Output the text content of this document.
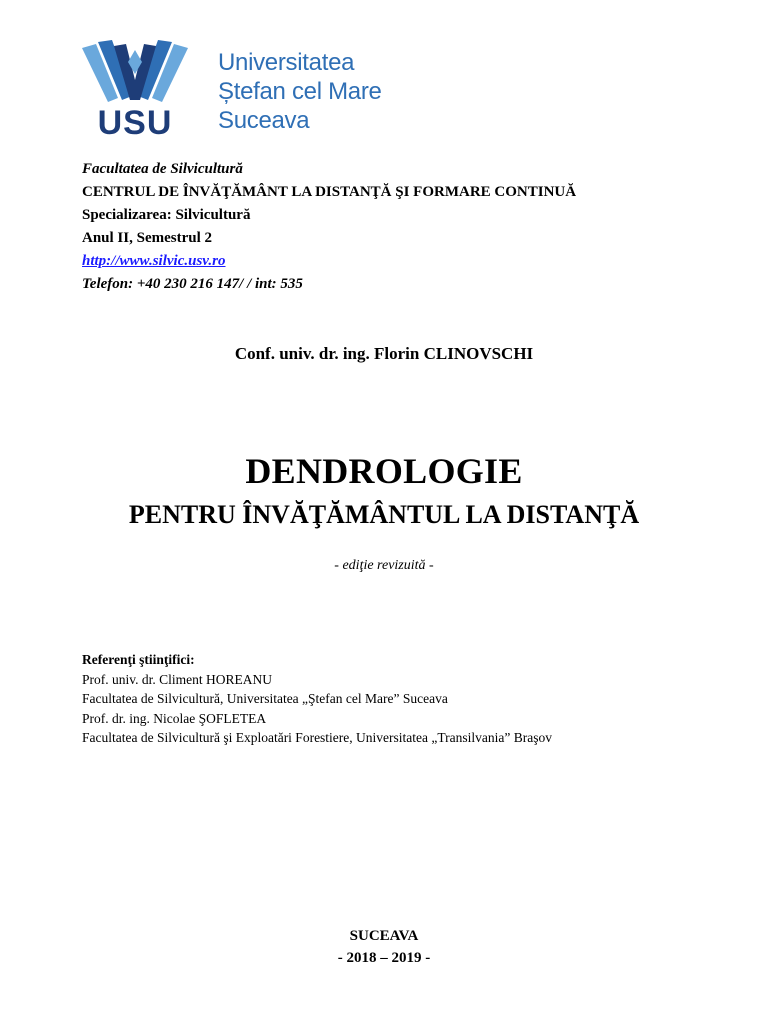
USU
Universitatea
Ștefan cel Mare
Suceava
Facultatea de Silvicultură
CENTRUL DE ÎNVĂŢĂMÂNT LA DISTANŢĂ ŞI FORMARE CONTINUĂ
Specializarea: Silvicultură
Anul II, Semestrul 2
http://www.silvic.usv.ro
Telefon: +40 230 216 147/ / int: 535
Conf. univ. dr. ing. Florin CLINOVSCHI
DENDROLOGIE
PENTRU ÎNVĂŢĂMÂNTUL LA DISTANŢĂ
- ediţie revizuită -
Referenţi ştiinţifici:
Prof. univ. dr. Climent HOREANU
Facultatea de Silvicultură, Universitatea „Ştefan cel Mare” Suceava
Prof. dr. ing. Nicolae ŞOFLETEA
Facultatea de Silvicultură şi Exploatări Forestiere, Universitatea „Transilvania” Braşov
SUCEAVA
- 2018 – 2019 -
